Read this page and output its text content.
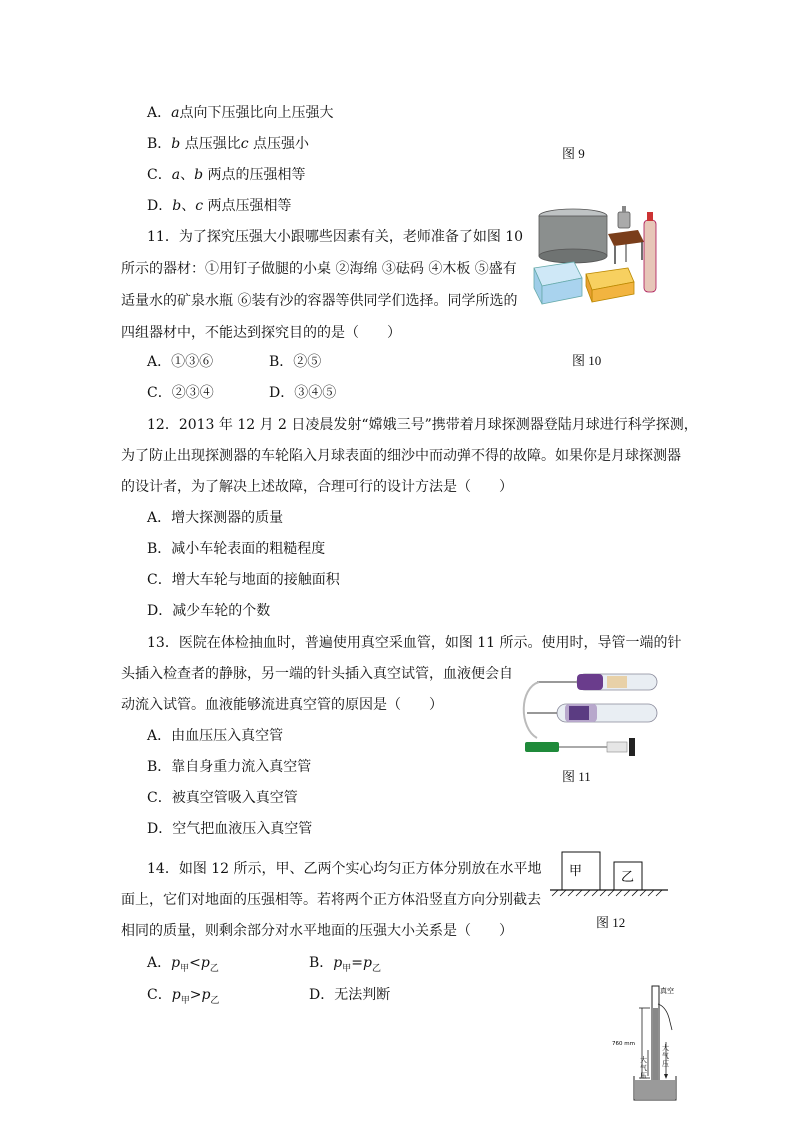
A．a点向下压强比向上压强大
B．b 点压强比c 点压强小
C．a、b 两点的压强相等
D．b、c 两点压强相等
图 9
11．为了探究压强大小跟哪些因素有关，老师准备了如图 10
所示的器材：①用钉子做腿的小桌 ②海绵 ③砝码 ④木板 ⑤盛有
适量水的矿泉水瓶 ⑥装有沙的容器等供同学们选择。同学所选的
四组器材中，不能达到探究目的的是（　　）
A．①③⑥	B．②⑤
C．②③④	D．③④⑤
图 10
12．2013 年 12 月 2 日凌晨发射“嫦娥三号”携带着月球探测器登陆月球进行科学探测，
为了防止出现探测器的车轮陷入月球表面的细沙中而动弹不得的故障。如果你是月球探测器
的设计者，为了解决上述故障，合理可行的设计方法是（　　）
A．增大探测器的质量
B．减小车轮表面的粗糙程度
C．增大车轮与地面的接触面积
D．减少车轮的个数
13．医院在体检抽血时，普遍使用真空采血管，如图 11 所示。使用时，导管一端的针
头插入检查者的静脉，另一端的针头插入真空试管，血液便会自
动流入试管。血液能够流进真空管的原因是（　　）
A．由血压压入真空管
B．靠自身重力流入真空管
C．被真空管吸入真空管
D．空气把血液压入真空管
图 11
14．如图 12 所示，甲、乙两个实心均匀正方体分别放在水平地
面上，它们对地面的压强相等。若将两个正方体沿竖直方向分别截去
相同的质量，则剩余部分对水平地面的压强大小关系是（　　）
A．$p_甲<p_乙$	B．$p_甲=p_乙$
C．$p_甲>p_乙$	D．无法判断
图 12
甲	乙
真空
760 mm	大气压
大气压
